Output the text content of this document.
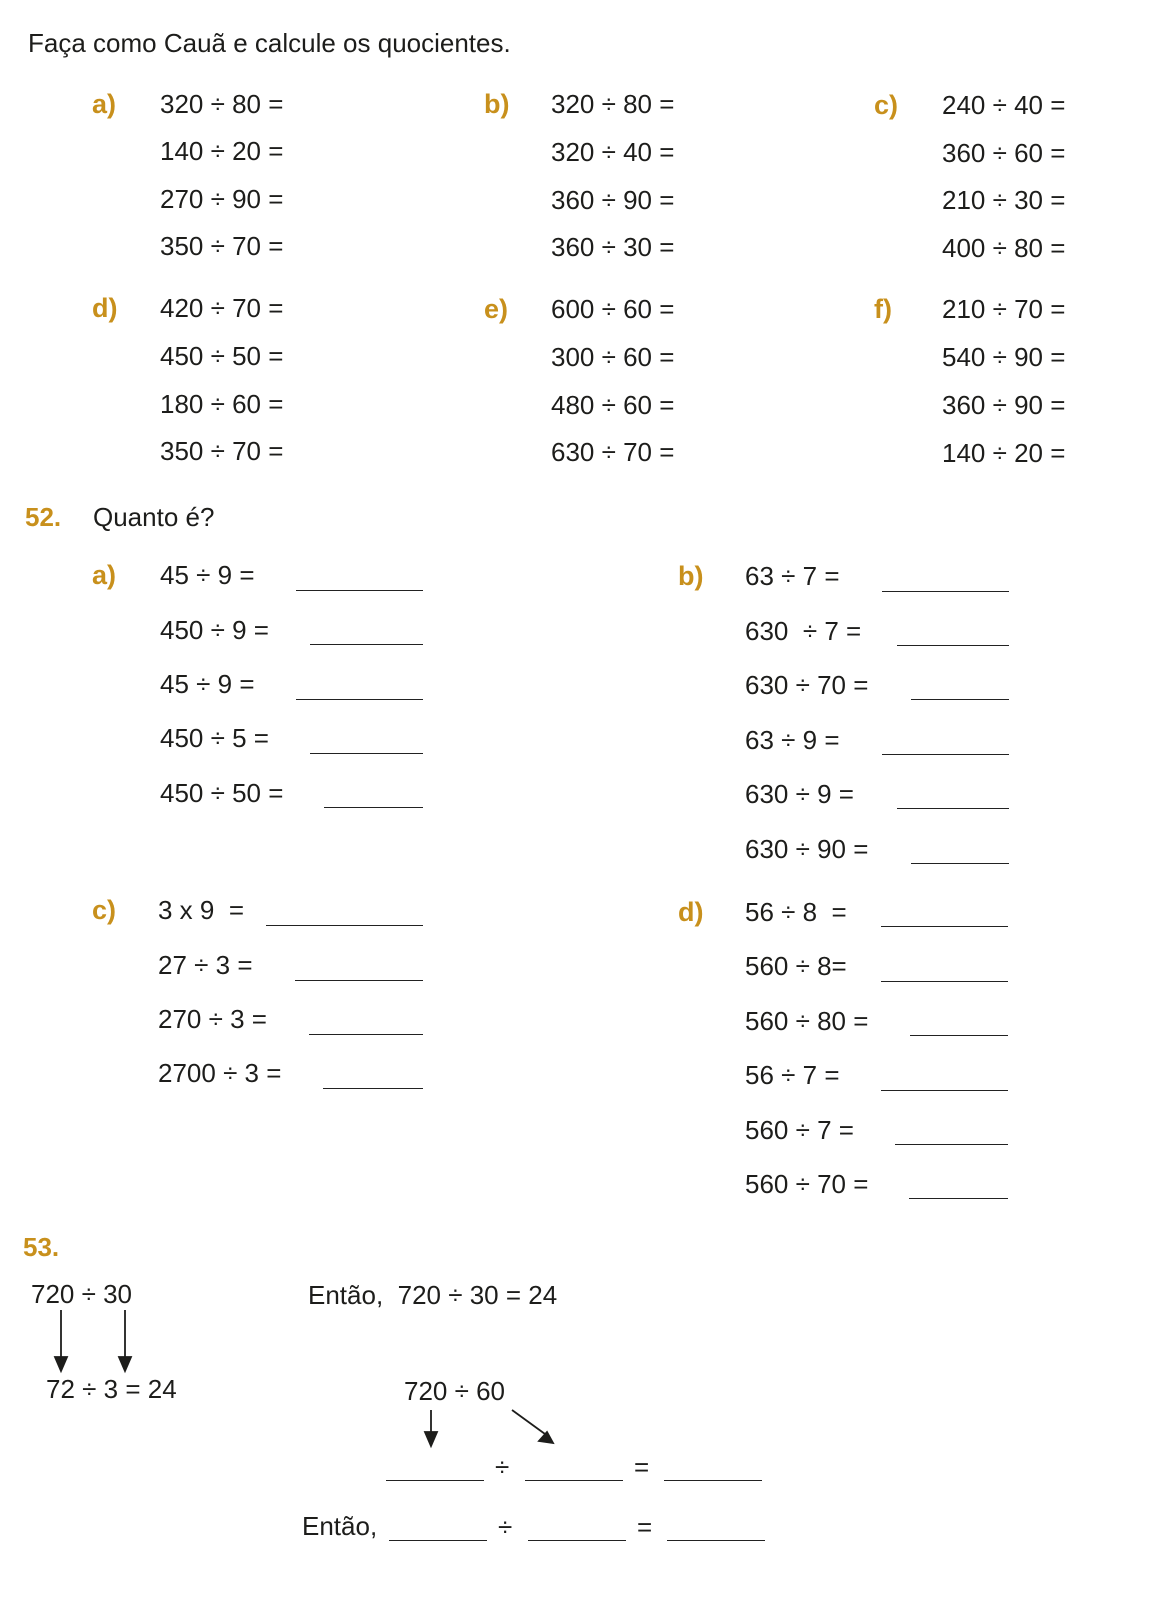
Faça como Cauã e calcule os quocientes.
a) 320 ÷ 80 =
140 ÷ 20 =
270 ÷ 90 =
350 ÷ 70 =
b) 320 ÷ 80 =
320 ÷ 40 =
360 ÷ 90 =
360 ÷ 30 =
c) 240 ÷ 40 =
360 ÷ 60 =
210 ÷ 30 =
400 ÷ 80 =
d) 420 ÷ 70 =
450 ÷ 50 =
180 ÷ 60 =
350 ÷ 70 =
e) 600 ÷ 60 =
300 ÷ 60 =
480 ÷ 60 =
630 ÷ 70 =
f) 210 ÷ 70 =
540 ÷ 90 =
360 ÷ 90 =
140 ÷ 20 =
52. Quanto é?
a) 45 ÷ 9 =
450 ÷ 9 =
45 ÷ 9 =
450 ÷ 5 =
450 ÷ 50 =
b) 63 ÷ 7 =
630  ÷ 7 =
630 ÷ 70 =
63 ÷ 9 =
630 ÷ 9 =
630 ÷ 90 =
c) 3 x 9  =
27 ÷ 3 =
270 ÷ 3 =
2700 ÷ 3 =
d) 56 ÷ 8  =
560 ÷ 8=
560 ÷ 80 =
56 ÷ 7 =
560 ÷ 7 =
560 ÷ 70 =
53.
720 ÷ 30
72 ÷ 3 = 24
Então,  720 ÷ 30 = 24
720 ÷ 60
÷	=
Então,	÷	=
